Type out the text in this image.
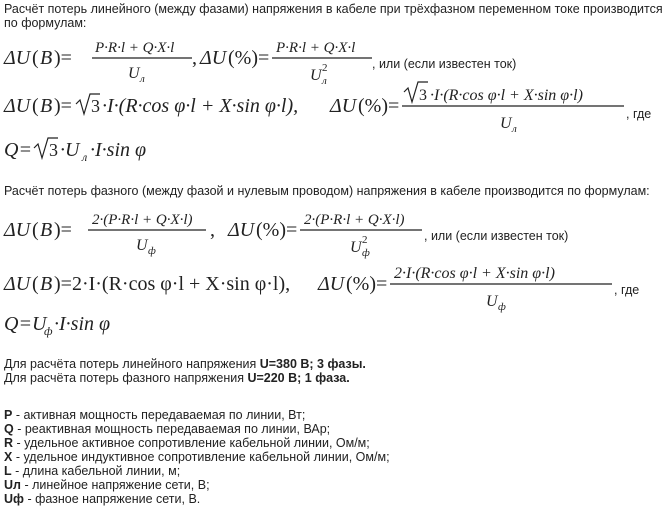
Расчёт потерь линейного (между фазами) напряжения в кабеле при трёхфазном переменном токе производится
по формулам:
ΔU ( B )= P·R·l + Q·X·l
U л
, ΔU (%)= P·R·l + Q·X·l
U 2
л
, или (если известен ток)
ΔU ( B )= 3 ·I·(R·cos φ·l + X·sin φ·l), ΔU (%)= 3 ·I·(R·cos φ·l + X·sin φ·l)
U л
, где
Q= 3 ·U л ·I·sin φ
ΔU ( B )= 2·(P·R·l + Q·X·l)
U ф
, ΔU (%)= 2·(P·R·l + Q·X·l)
U 2
ф
, или (если известен ток)
ΔU ( B )=2·I·(R·cos φ·l + X·sin φ·l), ΔU (%)= 2·I·(R·cos φ·l + X·sin φ·l)
U ф
, где
Q=U
ф ·I·sin φ
Расчёт потерь фазного (между фазой и нулевым проводом) напряжения в кабеле производится по формулам:
Для расчёта потерь линейного напряжения U=380 В; 3 фазы.
Для расчёта потерь фазного напряжения U=220 В; 1 фаза.
P - активная мощность передаваемая по линии, Вт;
Q - реактивная мощность передаваемая по линии, ВАр;
R - удельное активное сопротивление кабельной линии, Ом/м;
X - удельное индуктивное сопротивление кабельной линии, Ом/м;
L - длина кабельной линии, м;
Uл - линейное напряжение сети, В;
Uф - фазное напряжение сети, В.
